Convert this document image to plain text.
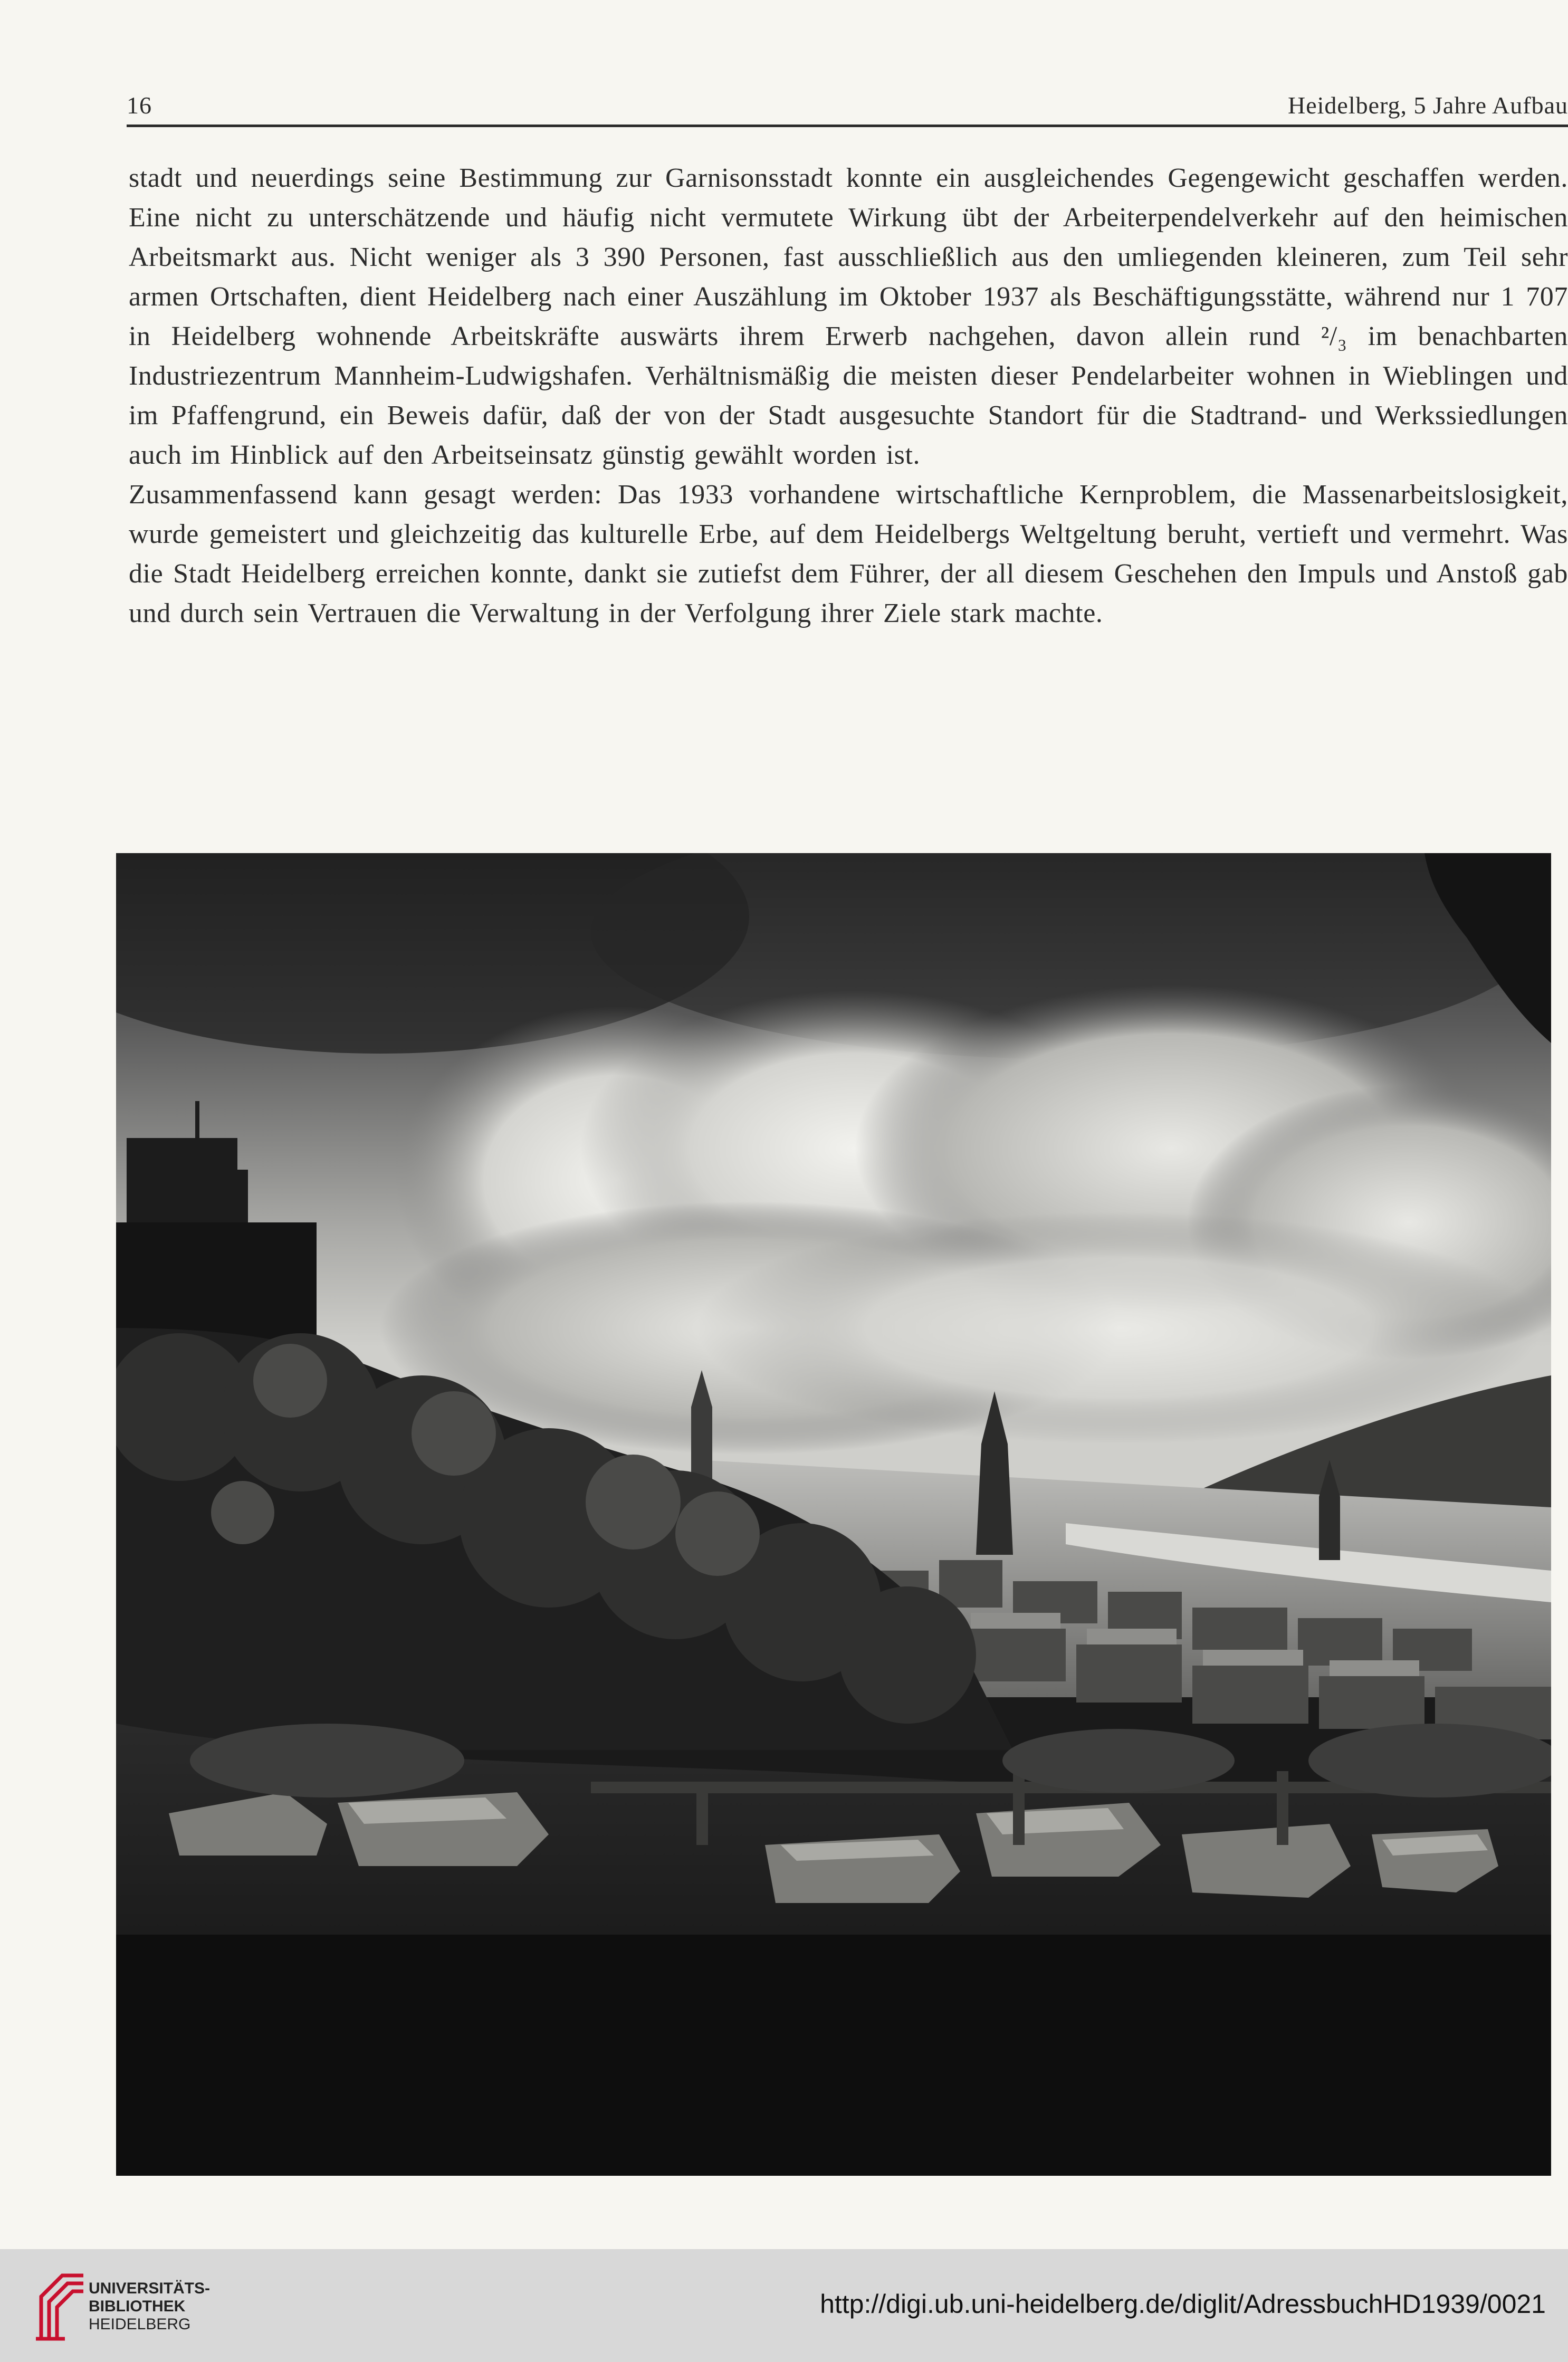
16	Heidelberg, 5 Jahre Aufbau

stadt und neuerdings seine Bestimmung zur Garnisonsstadt konnte ein ausgleichendes Gegengewicht geschaffen werden. Eine nicht zu unterschätzende und häufig nicht vermutete Wirkung übt der Arbeiterpendelverkehr auf den heimischen Arbeitsmarkt aus. Nicht weniger als 3 390 Personen, fast ausschließlich aus den umliegenden kleineren, zum Teil sehr armen Ortschaften, dient Heidelberg nach einer Auszählung im Oktober 1937 als Beschäftigungsstätte, während nur 1 707 in Heidelberg wohnende Arbeitskräfte auswärts ihrem Erwerb nachgehen, davon allein rund ²/₃ im benachbarten Industriezentrum Mannheim-Ludwigshafen. Verhältnismäßig die meisten dieser Pendelarbeiter wohnen in Wieblingen und im Pfaffengrund, ein Beweis dafür, daß der von der Stadt ausgesuchte Standort für die Stadtrand- und Werkssiedlungen auch im Hinblick auf den Arbeitseinsatz günstig gewählt worden ist.

Zusammenfassend kann gesagt werden: Das 1933 vorhandene wirtschaftliche Kernproblem, die Massenarbeitslosigkeit, wurde gemeistert und gleichzeitig das kulturelle Erbe, auf dem Heidelbergs Weltgeltung beruht, vertieft und vermehrt. Was die Stadt Heidelberg erreichen konnte, dankt sie zutiefst dem Führer, der all diesem Geschehen den Impuls und Anstoß gab und durch sein Vertrauen die Verwaltung in der Verfolgung ihrer Ziele stark machte.

UNIVERSITÄTS-
BIBLIOTHEK
HEIDELBERG
http://digi.ub.uni-heidelberg.de/diglit/AdressbuchHD1939/0021
